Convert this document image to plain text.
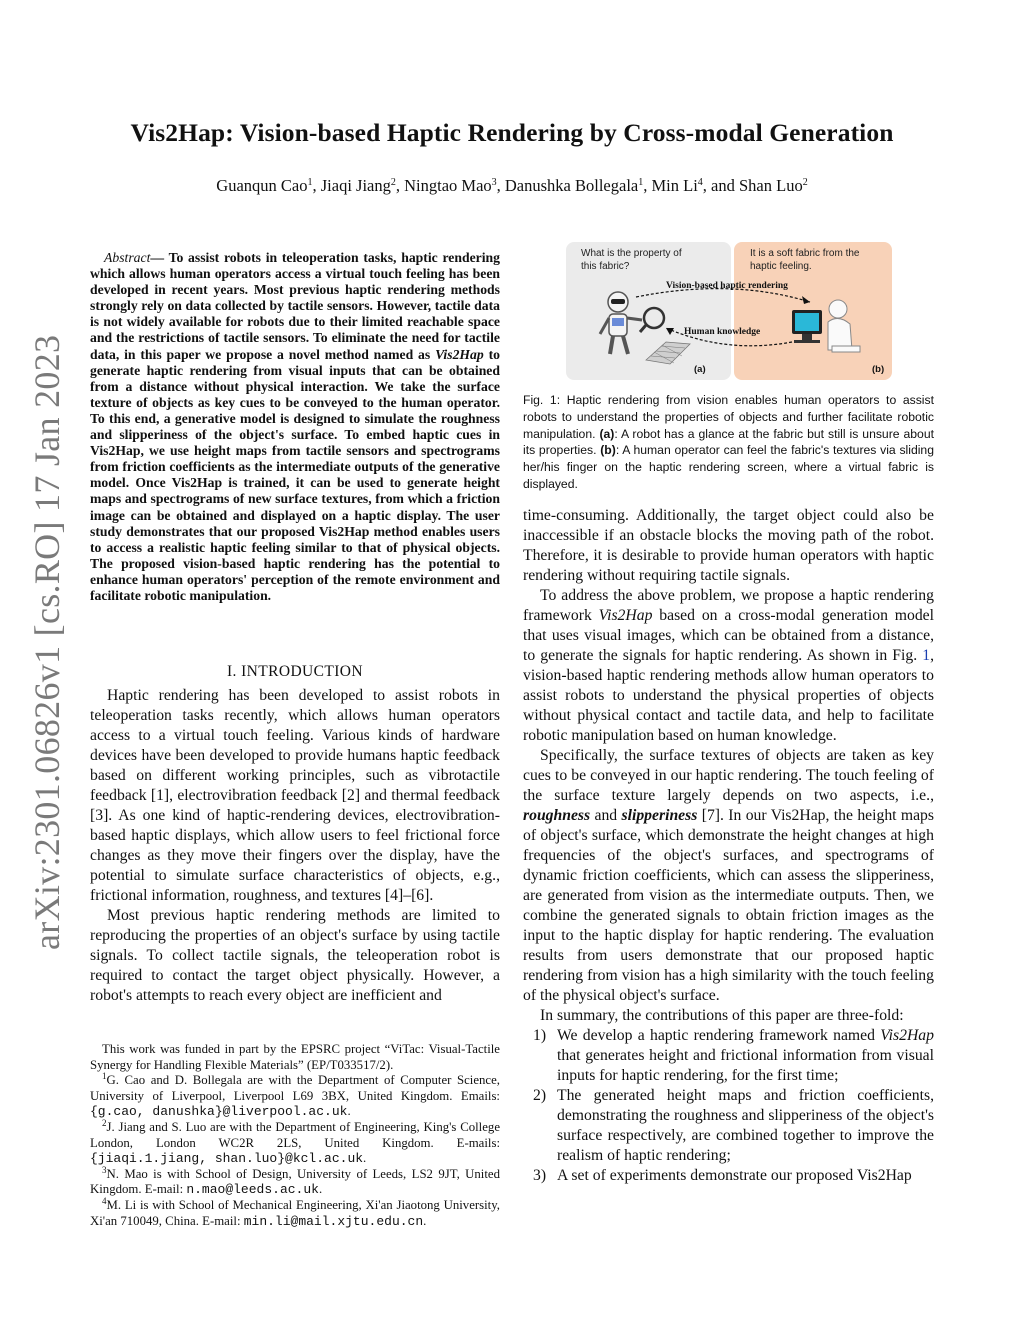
arXiv:2301.06826v1 [cs.RO] 17 Jan 2023
Vis2Hap: Vision-based Haptic Rendering by Cross-modal Generation
Guanqun Cao$^1$, Jiaqi Jiang$^2$, Ningtao Mao$^3$, Danushka Bollegala$^1$, Min Li$^4$, and Shan Luo$^2$
Abstract— To assist robots in teleoperation tasks, haptic rendering which allows human operators access a virtual touch feeling has been developed in recent years. Most previous haptic rendering methods strongly rely on data collected by tactile sensors. However, tactile data is not widely available for robots due to their limited reachable space and the restrictions of tactile sensors. To eliminate the need for tactile data, in this paper we propose a novel method named as Vis2Hap to generate haptic rendering from visual inputs that can be obtained from a distance without physical interaction. We take the surface texture of objects as key cues to be conveyed to the human operator. To this end, a generative model is designed to simulate the roughness and slipperiness of the object's surface. To embed haptic cues in Vis2Hap, we use height maps from tactile sensors and spectrograms from friction coefficients as the intermediate outputs of the generative model. Once Vis2Hap is trained, it can be used to generate height maps and spectrograms of new surface textures, from which a friction image can be obtained and displayed on a haptic display. The user study demonstrates that our proposed Vis2Hap method enables users to access a realistic haptic feeling similar to that of physical objects. The proposed vision-based haptic rendering has the potential to enhance human operators' perception of the remote environment and facilitate robotic manipulation.
I. INTRODUCTION

Haptic rendering has been developed to assist robots in teleoperation tasks recently, which allows human operators access to a virtual touch feeling. Various kinds of hardware devices have been developed to provide humans haptic feedback based on different working principles, such as vibrotactile feedback [1], electrovibration feedback [2] and thermal feedback [3]. As one kind of haptic-rendering devices, electrovibration-based haptic displays, which allow users to feel frictional force changes as they move their fingers over the display, have the potential to simulate surface characteristics of objects, e.g., frictional information, roughness, and textures [4]–[6].

Most previous haptic rendering methods are limited to reproducing the properties of an object's surface by using tactile signals. To collect tactile signals, the teleoperation robot is required to contact the target object physically. However, a robot's attempts to reach every object are inefficient and

This work was funded in part by the EPSRC project “ViTac: Visual-Tactile Synergy for Handling Flexible Materials” (EP/T033517/2).

$^1$G. Cao and D. Bollegala are with the Department of Computer Science, University of Liverpool, Liverpool L69 3BX, United Kingdom. Emails: {g.cao, danushka}@liverpool.ac.uk.

$^2$J. Jiang and S. Luo are with the Department of Engineering, King's College London, London WC2R 2LS, United Kingdom. E-mails: {jiaqi.1.jiang, shan.luo}@kcl.ac.uk.

$^3$N. Mao is with School of Design, University of Leeds, LS2 9JT, United Kingdom. E-mail: n.mao@leeds.ac.uk.

$^4$M. Li is with School of Mechanical Engineering, Xi'an Jiaotong University, Xi'an 710049, China. E-mail: min.li@mail.xjtu.edu.cn.

What is the property of
this fabric?
It is a soft fabric from the
haptic feeling.
Vision-based haptic rendering
Human knowledge
(a)	(b)
Fig. 1: Haptic rendering from vision enables human operators to assist robots to understand the properties of objects and further facilitate robotic manipulation. (a): A robot has a glance at the fabric but still is unsure about its properties. (b): A human operator can feel the fabric's textures via sliding her/his finger on the haptic rendering screen, where a virtual fabric is displayed.

time-consuming. Additionally, the target object could also be inaccessible if an obstacle blocks the moving path of the robot. Therefore, it is desirable to provide human operators with haptic rendering without requiring tactile signals.

To address the above problem, we propose a haptic rendering framework Vis2Hap based on a cross-modal generation model that uses visual images, which can be obtained from a distance, to generate the signals for haptic rendering. As shown in Fig. 1, vision-based haptic rendering methods allow human operators to assist robots to understand the physical properties of objects without physical contact and tactile data, and help to facilitate robotic manipulation based on human knowledge.

Specifically, the surface textures of objects are taken as key cues to be conveyed in our haptic rendering. The touch feeling of the surface texture largely depends on two aspects, i.e., roughness and slipperiness [7]. In our Vis2Hap, the height maps of object's surface, which demonstrate the height changes at high frequencies of the object's surfaces, and spectrograms of dynamic friction coefficients, which can assess the slipperiness, are generated from vision as the intermediate outputs. Then, we combine the generated signals to obtain friction images as the input to the haptic display for haptic rendering. The evaluation results from users demonstrate that our proposed haptic rendering from vision has a high similarity with the touch feeling of the physical object's surface.

In summary, the contributions of this paper are three-fold:

1) We develop a haptic rendering framework named Vis2Hap that generates height and frictional information from visual inputs for haptic rendering, for the first time;
2) The generated height maps and friction coefficients, demonstrating the roughness and slipperiness of the object's surface respectively, are combined together to improve the realism of haptic rendering;
3) A set of experiments demonstrate our proposed Vis2Hap
